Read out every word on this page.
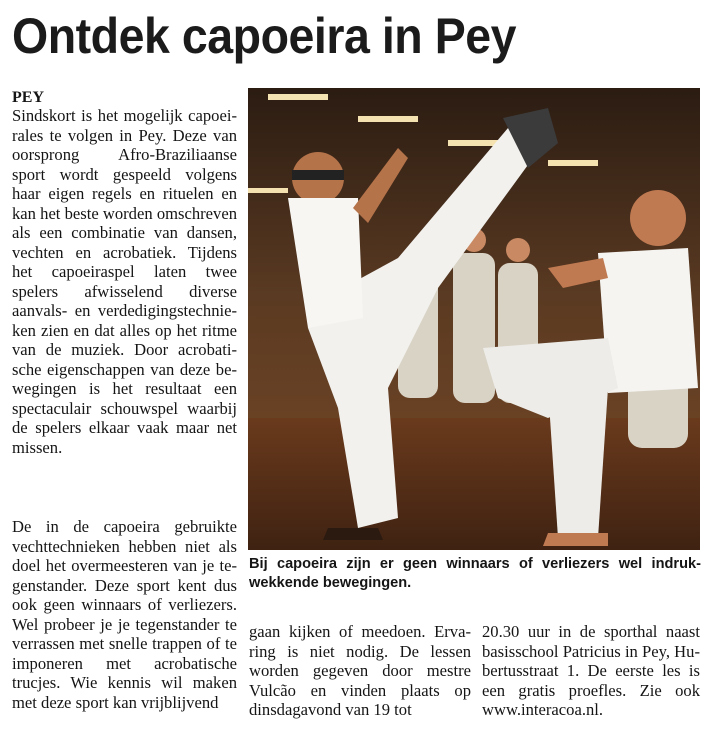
Ontdek capoeira in Pey
PEY

Sindskort is het mogelijk capoeirales te volgen in Pey. Deze van oorsprong Afro-Braziliaanse sport wordt gespeeld volgens haar eigen regels en rituelen en kan het beste worden omschreven als een combinatie van dansen, vechten en acrobatiek. Tijdens het capoeiraspel laten twee spelers afwisselend diverse aanvals- en verdedigingstechnieken zien en dat alles op het ritme van de muziek. Door acrobatische eigenschappen van deze bewegingen is het resultaat een spectaculair schouwspel waarbij de spelers elkaar vaak maar net missen.

De in de capoeira gebruikte vechttechnieken hebben niet als doel het overmeesteren van je tegenstander. Deze sport kent dus ook geen winnaars of verliezers. Wel probeer je je tegenstander te verrassen met snelle trappen of te imponeren met acrobatische trucjes. Wie kennis wil maken met deze sport kan vrijblijvend

Bij capoeira zijn er geen winnaars of verliezers wel indrukwekkende bewegingen.

gaan kijken of meedoen. Ervaring is niet nodig. De lessen worden gegeven door mestre Vulcão en vinden plaats op dinsdagavond van 19 tot

20.30 uur in de sporthal naast basisschool Patricius in Pey, Hubertusstraat 1. De eerste les is een gratis proefles. Zie ook www.interacoa.nl.
